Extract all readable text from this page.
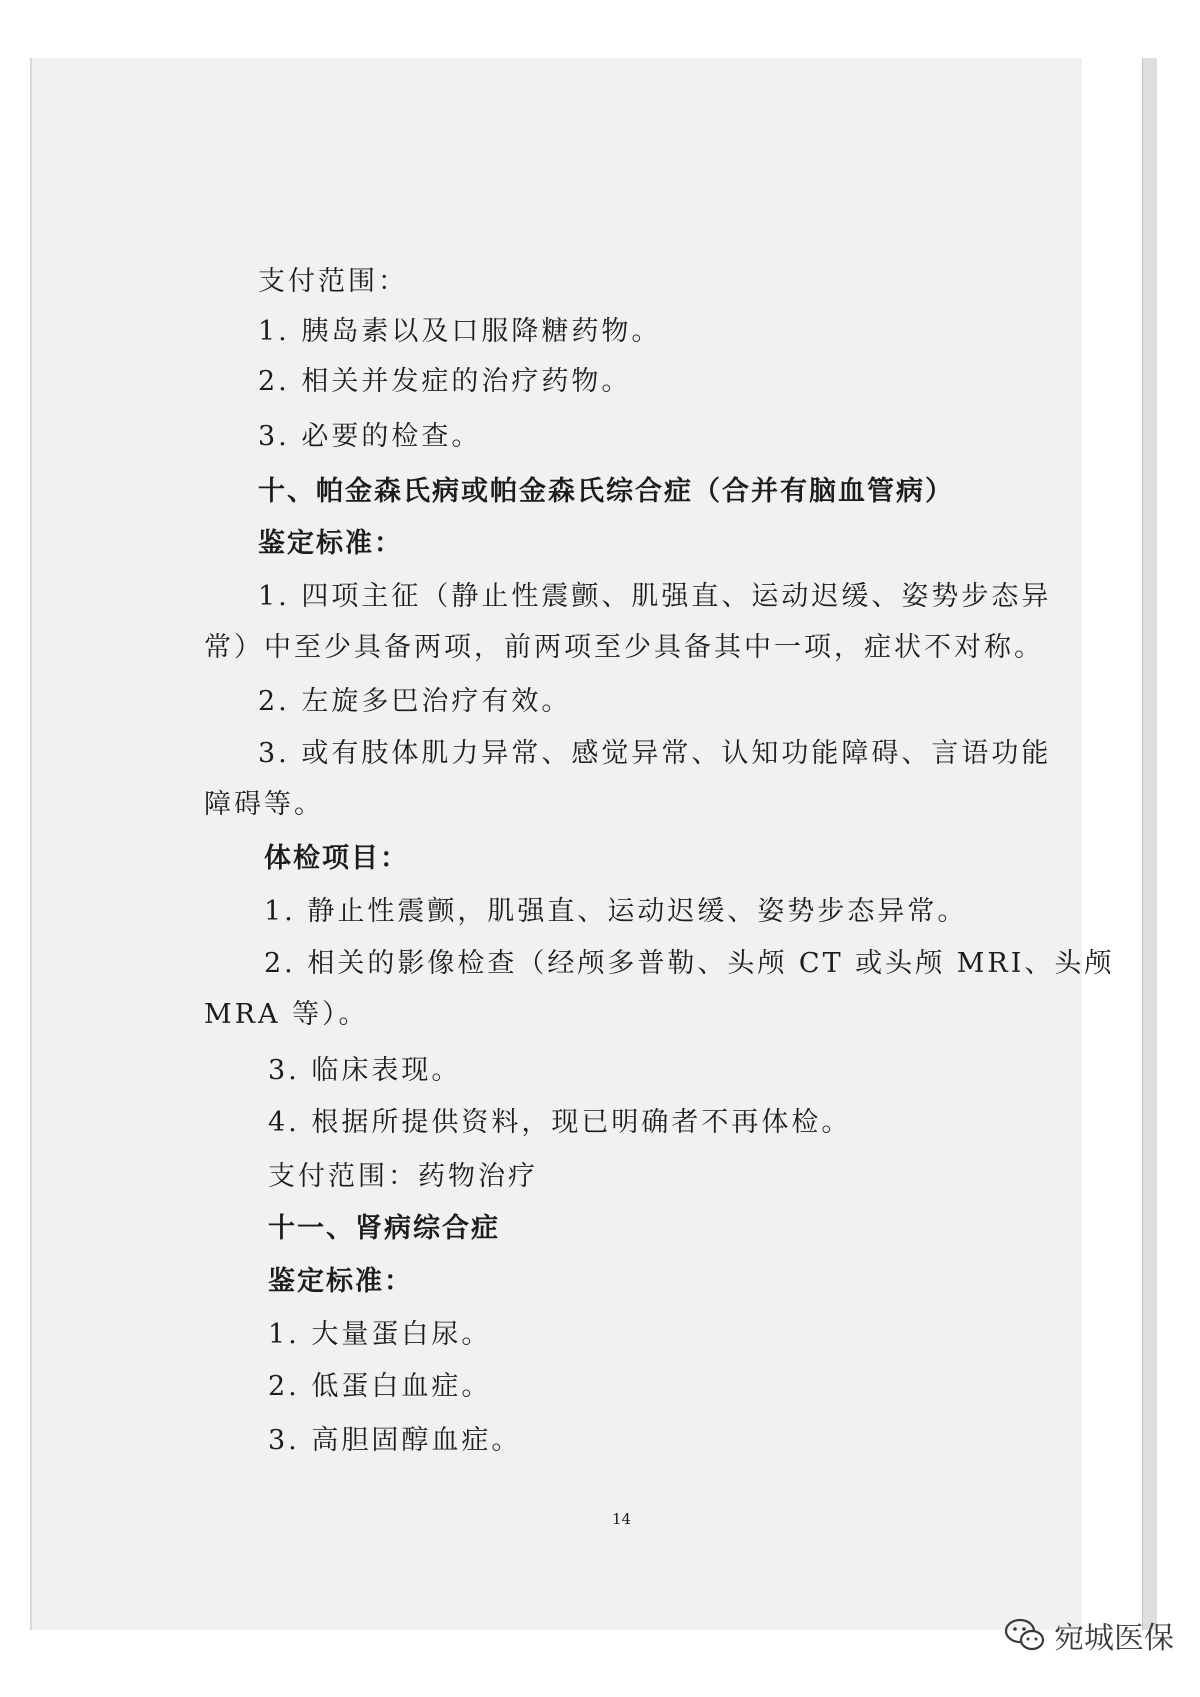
支付范围：

1. 胰岛素以及口服降糖药物。

2. 相关并发症的治疗药物。

3. 必要的检查。

十、帕金森氏病或帕金森氏综合症（合并有脑血管病）

鉴定标准：

1. 四项主征（静止性震颤、肌强直、运动迟缓、姿势步态异

常）中至少具备两项，前两项至少具备其中一项，症状不对称。

2. 左旋多巴治疗有效。

3. 或有肢体肌力异常、感觉异常、认知功能障碍、言语功能

障碍等。

体检项目：

1. 静止性震颤，肌强直、运动迟缓、姿势步态异常。

2. 相关的影像检查（经颅多普勒、头颅 CT 或头颅 MRI、头颅

MRA 等）。

3. 临床表现。

4. 根据所提供资料，现已明确者不再体检。

支付范围：药物治疗

十一、肾病综合症

鉴定标准：

1. 大量蛋白尿。

2. 低蛋白血症。

3. 高胆固醇血症。

14

宛城医保
